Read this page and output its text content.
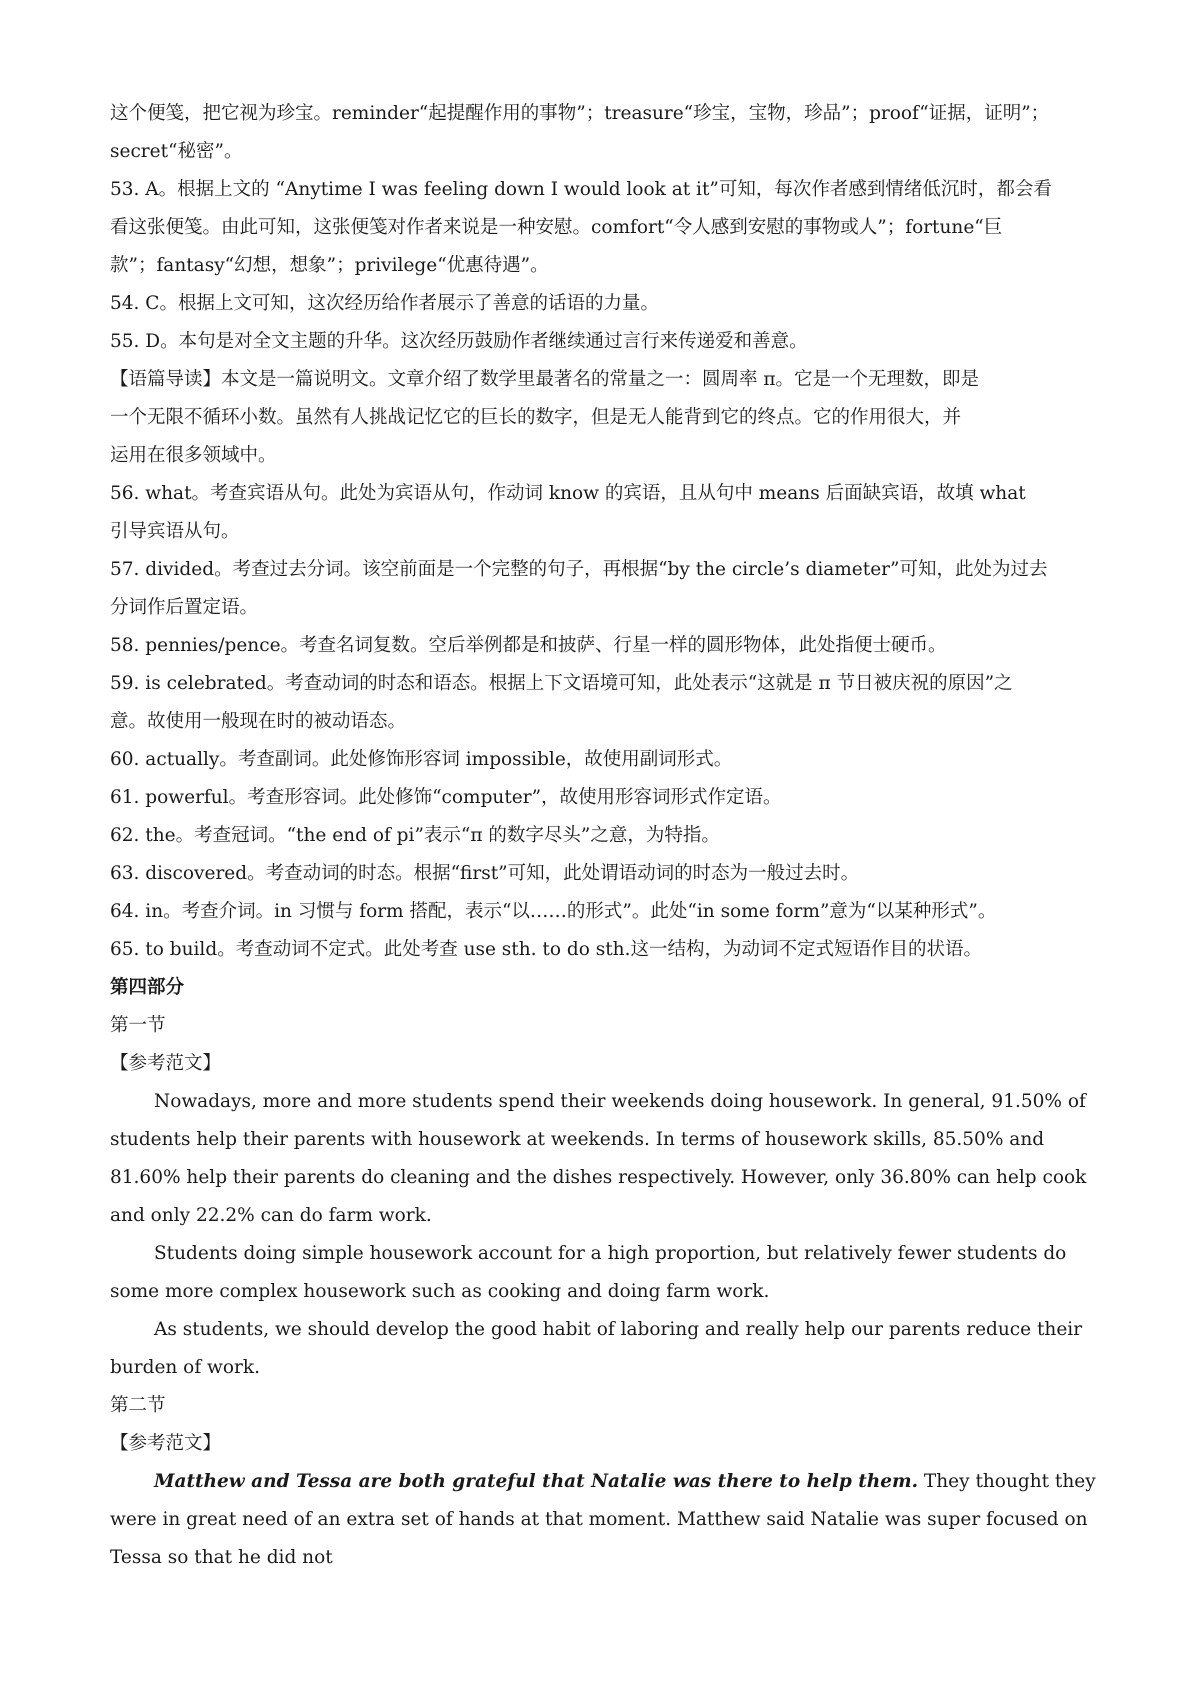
这个便笺，把它视为珍宝。reminder“起提醒作用的事物”；treasure“珍宝，宝物，珍品”；proof“证据，证明”；
secret“秘密”。
53. A。根据上文的 “Anytime I was feeling down I would look at it”可知，每次作者感到情绪低沉时，都会看
看这张便笺。由此可知，这张便笺对作者来说是一种安慰。comfort“令人感到安慰的事物或人”；fortune“巨
款”；fantasy“幻想，想象”；privilege“优惠待遇”。
54. C。根据上文可知，这次经历给作者展示了善意的话语的力量。
55. D。本句是对全文主题的升华。这次经历鼓励作者继续通过言行来传递爱和善意。
【语篇导读】本文是一篇说明文。文章介绍了数学里最著名的常量之一：圆周率 π。它是一个无理数，即是
一个无限不循环小数。虽然有人挑战记忆它的巨长的数字，但是无人能背到它的终点。它的作用很大，并
运用在很多领域中。
56. what。考查宾语从句。此处为宾语从句，作动词 know 的宾语，且从句中 means 后面缺宾语，故填 what
引导宾语从句。
57. divided。考查过去分词。该空前面是一个完整的句子，再根据“by the circle’s diameter”可知，此处为过去
分词作后置定语。
58. pennies/pence。考查名词复数。空后举例都是和披萨、行星一样的圆形物体，此处指便士硬币。
59. is celebrated。考查动词的时态和语态。根据上下文语境可知，此处表示“这就是 π 节日被庆祝的原因”之
意。故使用一般现在时的被动语态。
60. actually。考查副词。此处修饰形容词 impossible，故使用副词形式。
61. powerful。考查形容词。此处修饰“computer”，故使用形容词形式作定语。
62. the。考查冠词。“the end of pi”表示“π 的数字尽头”之意，为特指。
63. discovered。考查动词的时态。根据“first”可知，此处谓语动词的时态为一般过去时。
64. in。考查介词。in 习惯与 form 搭配，表示“以……的形式”。此处“in some form”意为“以某种形式”。
65. to build。考查动词不定式。此处考查 use sth. to do sth.这一结构，为动词不定式短语作目的状语。
第四部分
第一节
【参考范文】
Nowadays, more and more students spend their weekends doing housework. In general, 91.50% of students help their parents with housework at weekends. In terms of housework skills, 85.50% and 81.60% help their parents do cleaning and the dishes respectively. However, only 36.80% can help cook and only 22.2% can do farm work.
Students doing simple housework account for a high proportion, but relatively fewer students do some more complex housework such as cooking and doing farm work.
As students, we should develop the good habit of laboring and really help our parents reduce their burden of work.
第二节
【参考范文】
Matthew and Tessa are both grateful that Natalie was there to help them. They thought they were in great need of an extra set of hands at that moment. Matthew said Natalie was super focused on Tessa so that he did not
